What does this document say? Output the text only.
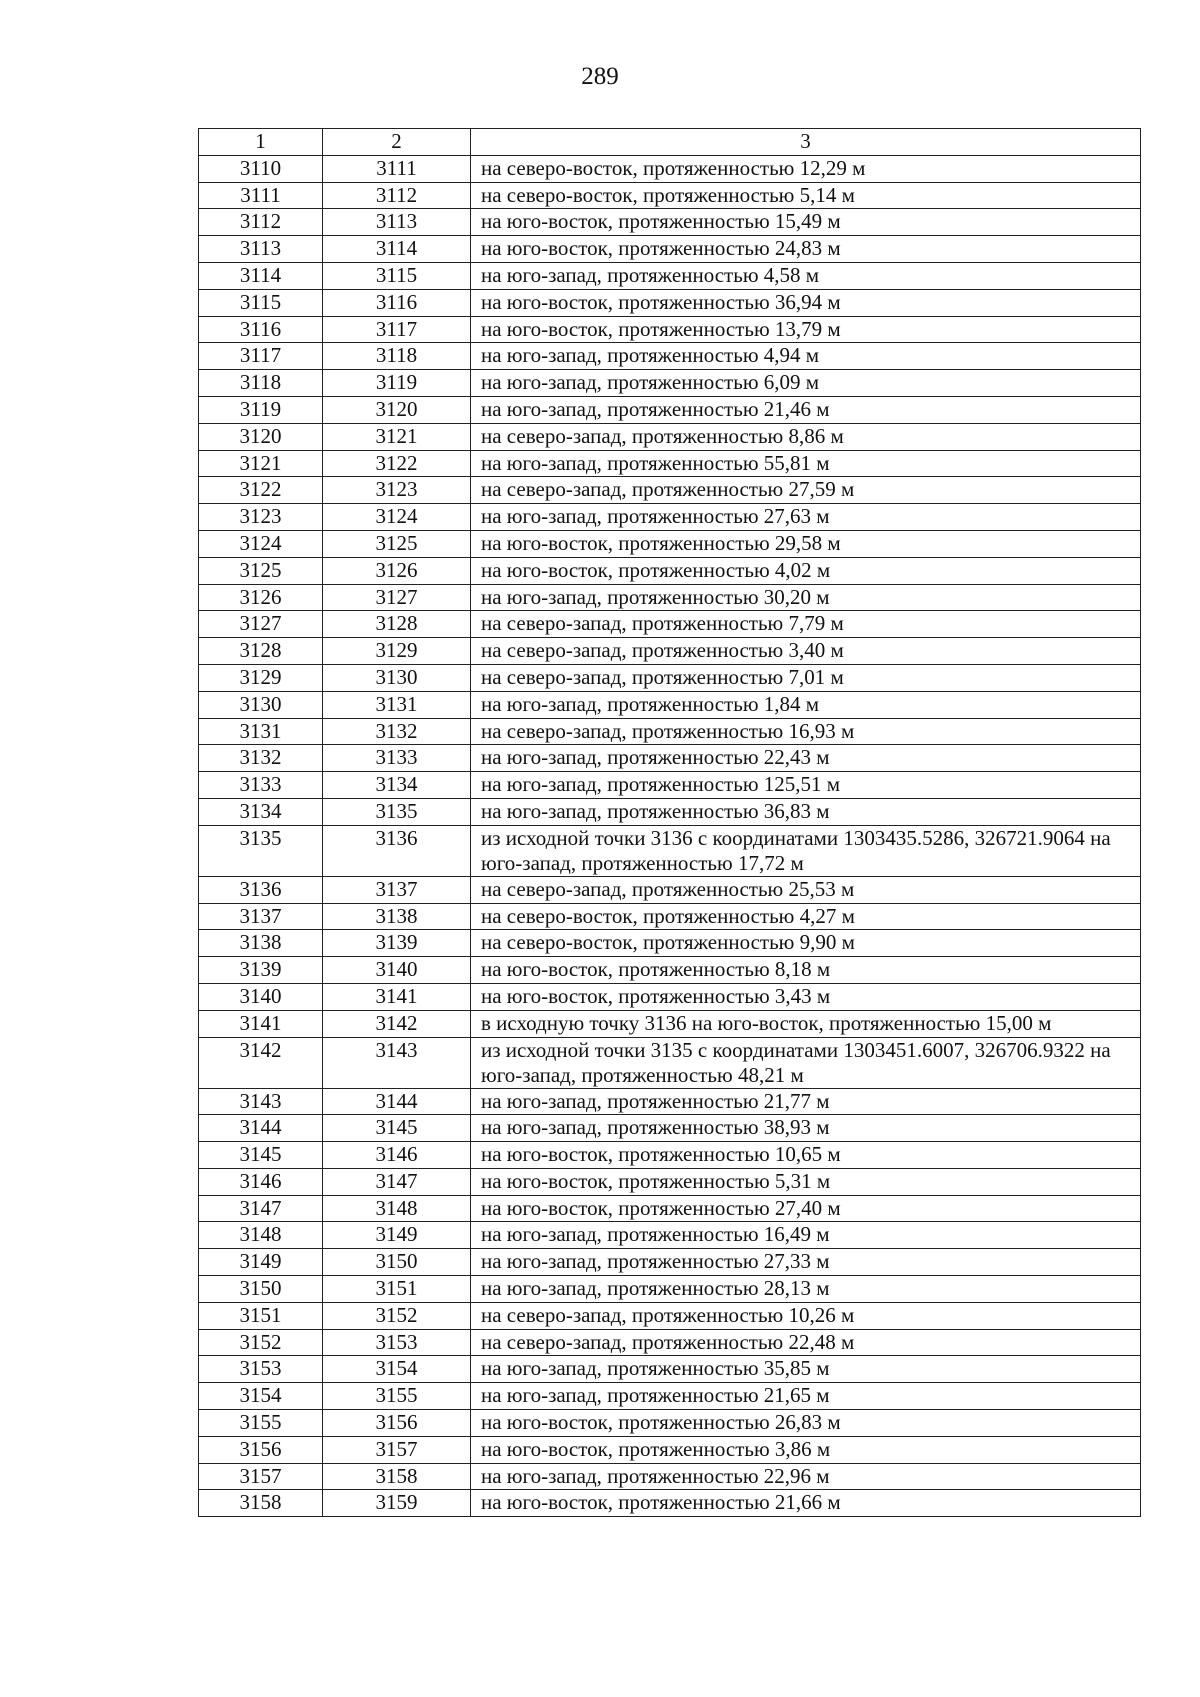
289
1	2	3
3110	3111	на северо-восток, протяженностью 12,29 м
3111	3112	на северо-восток, протяженностью 5,14 м
3112	3113	на юго-восток, протяженностью 15,49 м
3113	3114	на юго-восток, протяженностью 24,83 м
3114	3115	на юго-запад, протяженностью 4,58 м
3115	3116	на юго-восток, протяженностью 36,94 м
3116	3117	на юго-восток, протяженностью 13,79 м
3117	3118	на юго-запад, протяженностью 4,94 м
3118	3119	на юго-запад, протяженностью 6,09 м
3119	3120	на юго-запад, протяженностью 21,46 м
3120	3121	на северо-запад, протяженностью 8,86 м
3121	3122	на юго-запад, протяженностью 55,81 м
3122	3123	на северо-запад, протяженностью 27,59 м
3123	3124	на юго-запад, протяженностью 27,63 м
3124	3125	на юго-восток, протяженностью 29,58 м
3125	3126	на юго-восток, протяженностью 4,02 м
3126	3127	на юго-запад, протяженностью 30,20 м
3127	3128	на северо-запад, протяженностью 7,79 м
3128	3129	на северо-запад, протяженностью 3,40 м
3129	3130	на северо-запад, протяженностью 7,01 м
3130	3131	на юго-запад, протяженностью 1,84 м
3131	3132	на северо-запад, протяженностью 16,93 м
3132	3133	на юго-запад, протяженностью 22,43 м
3133	3134	на юго-запад, протяженностью 125,51 м
3134	3135	на юго-запад, протяженностью 36,83 м
3135	3136	из исходной точки 3136 с координатами 1303435.5286, 326721.9064 на юго-запад, протяженностью 17,72 м
3136	3137	на северо-запад, протяженностью 25,53 м
3137	3138	на северо-восток, протяженностью 4,27 м
3138	3139	на северо-восток, протяженностью 9,90 м
3139	3140	на юго-восток, протяженностью 8,18 м
3140	3141	на юго-восток, протяженностью 3,43 м
3141	3142	в исходную точку 3136 на юго-восток, протяженностью 15,00 м
3142	3143	из исходной точки 3135 с координатами 1303451.6007, 326706.9322 на юго-запад, протяженностью 48,21 м
3143	3144	на юго-запад, протяженностью 21,77 м
3144	3145	на юго-запад, протяженностью 38,93 м
3145	3146	на юго-восток, протяженностью 10,65 м
3146	3147	на юго-восток, протяженностью 5,31 м
3147	3148	на юго-восток, протяженностью 27,40 м
3148	3149	на юго-запад, протяженностью 16,49 м
3149	3150	на юго-запад, протяженностью 27,33 м
3150	3151	на юго-запад, протяженностью 28,13 м
3151	3152	на северо-запад, протяженностью 10,26 м
3152	3153	на северо-запад, протяженностью 22,48 м
3153	3154	на юго-запад, протяженностью 35,85 м
3154	3155	на юго-запад, протяженностью 21,65 м
3155	3156	на юго-восток, протяженностью 26,83 м
3156	3157	на юго-восток, протяженностью 3,86 м
3157	3158	на юго-запад, протяженностью 22,96 м
3158	3159	на юго-восток, протяженностью 21,66 м
